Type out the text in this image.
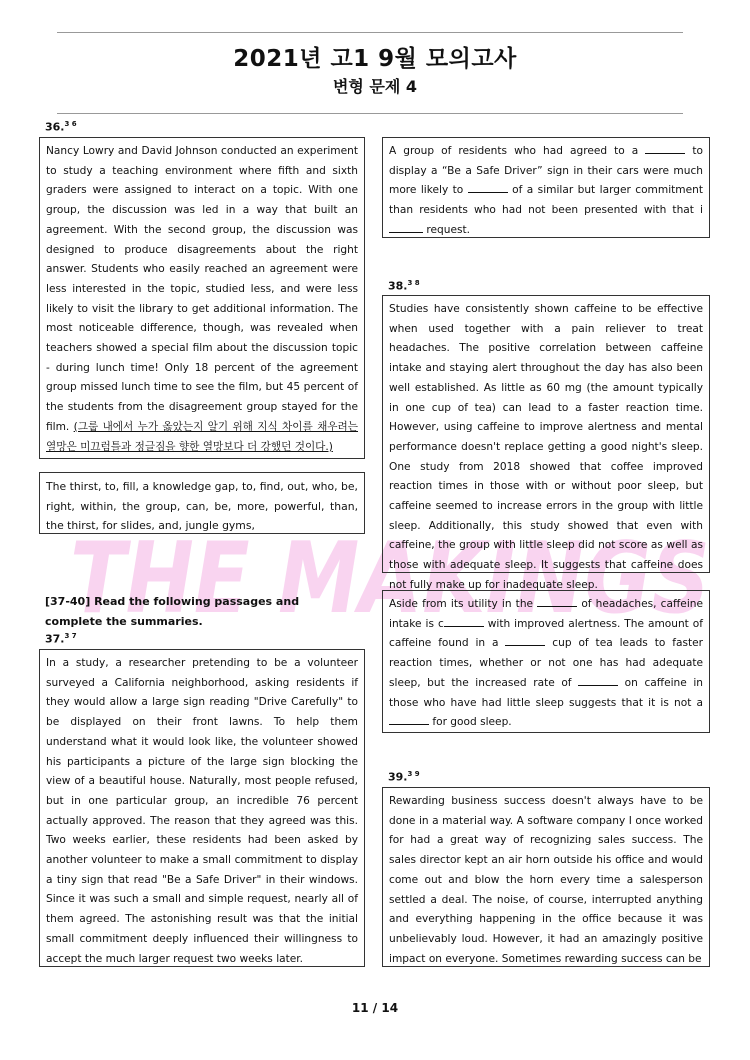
THE MAKINGS
2021년 고1 9월 모의고사
변형 문제 4
36.$^{3 6}$

Nancy Lowry and David Johnson conducted an experiment to study a teaching environment where fifth and sixth graders were assigned to interact on a topic. With one group, the discussion was led in a way that built an agreement. With the second group, the discussion was designed to produce disagreements about the right answer. Students who easily reached an agreement were less interested in the topic, studied less, and were less likely to visit the library to get additional information. The most noticeable difference, though, was revealed when teachers showed a special film about the discussion topic - during lunch time! Only 18 percent of the agreement group missed lunch time to see the film, but 45 percent of the students from the disagreement group stayed for the film. (그룹 내에서 누가 옳았는지 알기 위해 지식 차이를 채우려는 열망은 미끄럼틀과 정글짐을 향한 열망보다 더 강했던 것이다.)

The thirst, to, fill, a knowledge gap, to, find, out, who, be, right, within, the group, can, be, more, powerful, than, the thirst, for slides, and, jungle gyms,

[37-40] Read the following passages and complete the summaries.
37.$^{3 7}$

In a study, a researcher pretending to be a volunteer surveyed a California neighborhood, asking residents if they would allow a large sign reading "Drive Carefully" to be displayed on their front lawns. To help them understand what it would look like, the volunteer showed his participants a picture of the large sign blocking the view of a beautiful house. Naturally, most people refused, but in one particular group, an incredible 76 percent actually approved. The reason that they agreed was this. Two weeks earlier, these residents had been asked by another volunteer to make a small commitment to display a tiny sign that read "Be a Safe Driver" in their windows. Since it was such a small and simple request, nearly all of them agreed. The astonishing result was that the initial small commitment deeply influenced their willingness to accept the much larger request two weeks later.

A group of residents who had agreed to a	to display a “Be a Safe Driver” sign in their cars were much more likely to	of a similar but larger commitment than residents who had not been presented with that i request.

38.$^{3 8}$

Studies have consistently shown caffeine to be effective when used together with a pain reliever to treat headaches. The positive correlation between caffeine intake and staying alert throughout the day has also been well established. As little as 60 mg (the amount typically in one cup of tea) can lead to a faster reaction time. However, using caffeine to improve alertness and mental performance doesn't replace getting a good night's sleep. One study from 2018 showed that coffee improved reaction times in those with or without poor sleep, but caffeine seemed to increase errors in the group with little sleep. Additionally, this study showed that even with caffeine, the group with little sleep did not score as well as those with adequate sleep. It suggests that caffeine does not fully make up for inadequate sleep.

Aside from its utility in the	of headaches, caffeine intake is c	with improved alertness. The amount of caffeine found in a	cup of tea leads to faster reaction times, whether or not one has had adequate sleep, but the increased rate of	on caffeine in those who have had little sleep suggests that it is not a  for good sleep.

39.$^{3 9}$

Rewarding business success doesn't always have to be done in a material way. A software company I once worked for had a great way of recognizing sales success. The sales director kept an air horn outside his office and would come out and blow the horn every time a salesperson settled a deal. The noise, of course, interrupted anything and everything happening in the office because it was unbelievably loud. However, it had an amazingly positive impact on everyone. Sometimes rewarding success can be

11 / 14
